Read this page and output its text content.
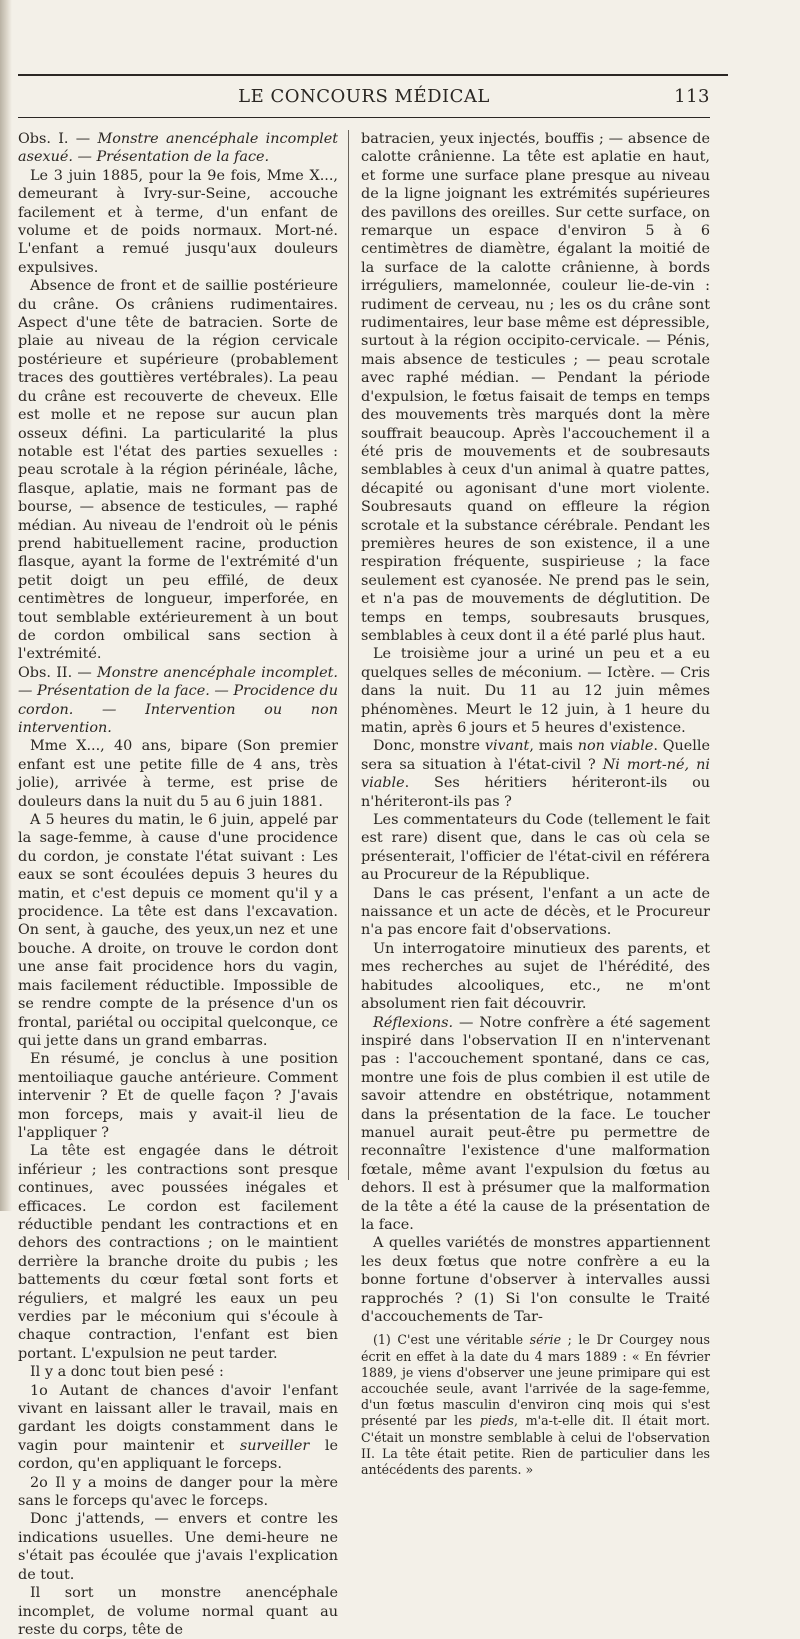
LE CONCOURS MÉDICAL	113

Obs. I. — Monstre anencéphale incomplet asexué. — Présentation de la face.

Le 3 juin 1885, pour la 9e fois, Mme X..., demeurant à Ivry-sur-Seine, accouche facilement et à terme, d'un enfant de volume et de poids normaux. Mort-né. L'enfant a remué jusqu'aux douleurs expulsives.

Absence de front et de saillie postérieure du crâne. Os crâniens rudimentaires. Aspect d'une tête de batracien. Sorte de plaie au niveau de la région cervicale postérieure et supérieure (probablement traces des gouttières vertébrales). La peau du crâne est recouverte de cheveux. Elle est molle et ne repose sur aucun plan osseux défini. La particularité la plus notable est l'état des parties sexuelles : peau scrotale à la région périnéale, lâche, flasque, aplatie, mais ne formant pas de bourse, — absence de testicules, — raphé médian. Au niveau de l'endroit où le pénis prend habituellement racine, production flasque, ayant la forme de l'extrémité d'un petit doigt un peu effilé, de deux centimètres de longueur, imperforée, en tout semblable extérieurement à un bout de cordon ombilical sans section à l'extrémité.

Obs. II. — Monstre anencéphale incomplet.— Présentation de la face. — Procidence du cordon. — Intervention ou non intervention.

Mme X..., 40 ans, bipare (Son premier enfant est une petite fille de 4 ans, très jolie), arrivée à terme, est prise de douleurs dans la nuit du 5 au 6 juin 1881.

A 5 heures du matin, le 6 juin, appelé par la sage-femme, à cause d'une procidence du cordon, je constate l'état suivant : Les eaux se sont écoulées depuis 3 heures du matin, et c'est depuis ce moment qu'il y a procidence. La tête est dans l'excavation. On sent, à gauche, des yeux,un nez et une bouche. A droite, on trouve le cordon dont une anse fait procidence hors du vagin, mais facilement réductible. Impossible de se rendre compte de la présence d'un os frontal, pariétal ou occipital quelconque, ce qui jette dans un grand embarras.

En résumé, je conclus à une position mentoiliaque gauche antérieure. Comment intervenir ? Et de quelle façon ? J'avais mon forceps, mais y avait-il lieu de l'appliquer ?

La tête est engagée dans le détroit inférieur ; les contractions sont presque continues, avec poussées inégales et efficaces. Le cordon est facilement réductible pendant les contractions et en dehors des contractions ; on le maintient derrière la branche droite du pubis ; les battements du cœur fœtal sont forts et réguliers, et malgré les eaux un peu verdies par le méconium qui s'écoule à chaque contraction, l'enfant est bien portant. L'expulsion ne peut tarder.

Il y a donc tout bien pesé :

1o Autant de chances d'avoir l'enfant vivant en laissant aller le travail, mais en gardant les doigts constamment dans le vagin pour maintenir et surveiller le cordon, qu'en appliquant le forceps.

2o Il y a moins de danger pour la mère sans le forceps qu'avec le forceps.

Donc j'attends, — envers et contre les indications usuelles. Une demi-heure ne s'était pas écoulée que j'avais l'explication de tout.

Il sort un monstre anencéphale incomplet, de volume normal quant au reste du corps, tête de

batracien, yeux injectés, bouffis ; — absence de calotte crânienne. La tête est aplatie en haut, et forme une surface plane presque au niveau de la ligne joignant les extrémités supérieures des pavillons des oreilles. Sur cette surface, on remarque un espace d'environ 5 à 6 centimètres de diamètre, égalant la moitié de la surface de la calotte crânienne, à bords irréguliers, mamelonnée, couleur lie-de-vin : rudiment de cerveau, nu ; les os du crâne sont rudimentaires, leur base même est dépressible, surtout à la région occipito-cervicale. — Pénis, mais absence de testicules ; — peau scrotale avec raphé médian. — Pendant la période d'expulsion, le fœtus faisait de temps en temps des mouvements très marqués dont la mère souffrait beaucoup. Après l'accouchement il a été pris de mouvements et de soubresauts semblables à ceux d'un animal à quatre pattes, décapité ou agonisant d'une mort violente. Soubresauts quand on effleure la région scrotale et la substance cérébrale. Pendant les premières heures de son existence, il a une respiration fréquente, suspirieuse ; la face seulement est cyanosée. Ne prend pas le sein, et n'a pas de mouvements de déglutition. De temps en temps, soubresauts brusques, semblables à ceux dont il a été parlé plus haut.

Le troisième jour a uriné un peu et a eu quelques selles de méconium. — Ictère. — Cris dans la nuit. Du 11 au 12 juin mêmes phénomènes. Meurt le 12 juin, à 1 heure du matin, après 6 jours et 5 heures d'existence.

Donc, monstre vivant, mais non viable. Quelle sera sa situation à l'état-civil ? Ni mort-né, ni viable. Ses héritiers hériteront-ils ou n'hériteront-ils pas ?

Les commentateurs du Code (tellement le fait est rare) disent que, dans le cas où cela se présenterait, l'officier de l'état-civil en référera au Procureur de la République.

Dans le cas présent, l'enfant a un acte de naissance et un acte de décès, et le Procureur n'a pas encore fait d'observations.

Un interrogatoire minutieux des parents, et mes recherches au sujet de l'hérédité, des habitudes alcooliques, etc., ne m'ont absolument rien fait découvrir.

Réflexions. — Notre confrère a été sagement inspiré dans l'observation II en n'intervenant pas : l'accouchement spontané, dans ce cas, montre une fois de plus combien il est utile de savoir attendre en obstétrique, notamment dans la présentation de la face. Le toucher manuel aurait peut-être pu permettre de reconnaître l'existence d'une malformation fœtale, même avant l'expulsion du fœtus au dehors. Il est à présumer que la malformation de la tête a été la cause de la présentation de la face.

A quelles variétés de monstres appartiennent les deux fœtus que notre confrère a eu la bonne fortune d'observer à intervalles aussi rapprochés ? (1) Si l'on consulte le Traité d'accouchements de Tar-

(1) C'est une véritable série ; le Dr Courgey nous écrit en effet à la date du 4 mars 1889 : « En février 1889, je viens d'observer une jeune primipare qui est accouchée seule, avant l'arrivée de la sage-femme, d'un fœtus masculin d'environ cinq mois qui s'est présenté par les pieds, m'a-t-elle dit. Il était mort. C'était un monstre semblable à celui de l'observation II. La tête était petite. Rien de particulier dans les antécédents des parents. »
